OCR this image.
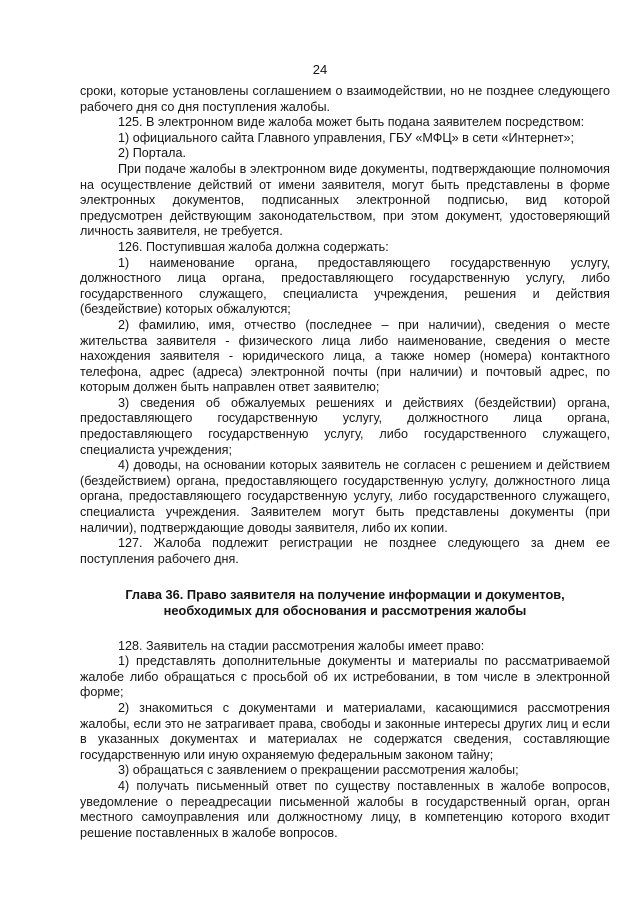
24

сроки, которые установлены соглашением о взаимодействии, но не позднее следующего рабочего дня со дня поступления жалобы.

125. В электронном виде жалоба может быть подана заявителем посредством:

1) официального сайта Главного управления, ГБУ «МФЦ» в сети «Интернет»;

2) Портала.

При подаче жалобы в электронном виде документы, подтверждающие полномочия на осуществление действий от имени заявителя, могут быть представлены в форме электронных документов, подписанных электронной подписью, вид которой предусмотрен действующим законодательством, при этом документ, удостоверяющий личность заявителя, не требуется.

126. Поступившая жалоба должна содержать:

1) наименование органа, предоставляющего государственную услугу, должностного лица органа, предоставляющего государственную услугу, либо государственного служащего, специалиста учреждения, решения и действия (бездействие) которых обжалуются;

2) фамилию, имя, отчество (последнее – при наличии), сведения о месте жительства заявителя - физического лица либо наименование, сведения о месте нахождения заявителя - юридического лица, а также номер (номера) контактного телефона, адрес (адреса) электронной почты (при наличии) и почтовый адрес, по которым должен быть направлен ответ заявителю;

3) сведения об обжалуемых решениях и действиях (бездействии) органа, предоставляющего государственную услугу, должностного лица органа, предоставляющего государственную услугу, либо государственного служащего, специалиста учреждения;

4) доводы, на основании которых заявитель не согласен с решением и действием (бездействием) органа, предоставляющего государственную услугу, должностного лица органа, предоставляющего государственную услугу, либо государственного служащего, специалиста учреждения. Заявителем могут быть представлены документы (при наличии), подтверждающие доводы заявителя, либо их копии.

127. Жалоба подлежит регистрации не позднее следующего за днем ее поступления рабочего дня.

Глава 36. Право заявителя на получение информации и документов,
необходимых для обоснования и рассмотрения жалобы

128. Заявитель на стадии рассмотрения жалобы имеет право:

1) представлять дополнительные документы и материалы по рассматриваемой жалобе либо обращаться с просьбой об их истребовании, в том числе в электронной форме;

2) знакомиться с документами и материалами, касающимися рассмотрения жалобы, если это не затрагивает права, свободы и законные интересы других лиц и если в указанных документах и материалах не содержатся сведения, составляющие государственную или иную охраняемую федеральным законом тайну;

3) обращаться с заявлением о прекращении рассмотрения жалобы;

4) получать письменный ответ по существу поставленных в жалобе вопросов, уведомление о переадресации письменной жалобы в государственный орган, орган местного самоуправления или должностному лицу, в компетенцию которого входит решение поставленных в жалобе вопросов.
